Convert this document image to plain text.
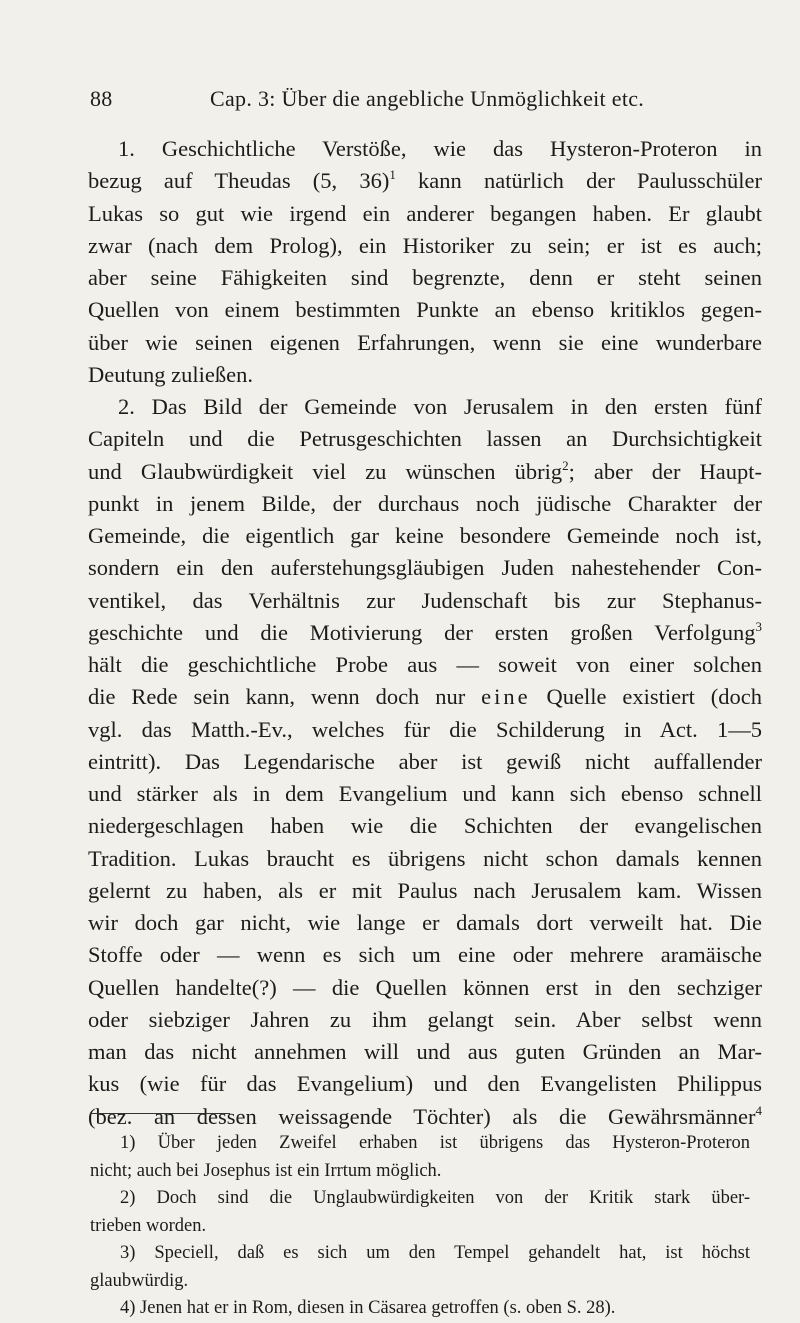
88	Cap. 3: Über die angebliche Unmöglichkeit etc.
1. Geschichtliche Verstöße, wie das Hysteron-Proteron in
bezug auf Theudas (5, 36)$^1$ kann natürlich der Paulusschüler
Lukas so gut wie irgend ein anderer begangen haben. Er glaubt
zwar (nach dem Prolog), ein Historiker zu sein; er ist es auch;
aber seine Fähigkeiten sind begrenzte, denn er steht seinen
Quellen von einem bestimmten Punkte an ebenso kritiklos gegen-
über wie seinen eigenen Erfahrungen, wenn sie eine wunderbare
Deutung zuließen.
2. Das Bild der Gemeinde von Jerusalem in den ersten fünf
Capiteln und die Petrusgeschichten lassen an Durchsichtigkeit
und Glaubwürdigkeit viel zu wünschen übrig$^2$; aber der Haupt-
punkt in jenem Bilde, der durchaus noch jüdische Charakter der
Gemeinde, die eigentlich gar keine besondere Gemeinde noch ist,
sondern ein den auferstehungsgläubigen Juden nahestehender Con-
ventikel, das Verhältnis zur Judenschaft bis zur Stephanus-
geschichte und die Motivierung der ersten großen Verfolgung$^3$
hält die geschichtliche Probe aus — soweit von einer solchen
die Rede sein kann, wenn doch nur eine Quelle existiert (doch
vgl. das Matth.-Ev., welches für die Schilderung in Act. 1—5
eintritt). Das Legendarische aber ist gewiß nicht auffallender
und stärker als in dem Evangelium und kann sich ebenso schnell
niedergeschlagen haben wie die Schichten der evangelischen
Tradition. Lukas braucht es übrigens nicht schon damals kennen
gelernt zu haben, als er mit Paulus nach Jerusalem kam. Wissen
wir doch gar nicht, wie lange er damals dort verweilt hat. Die
Stoffe oder — wenn es sich um eine oder mehrere aramäische
Quellen handelte(?) — die Quellen können erst in den sechziger
oder siebziger Jahren zu ihm gelangt sein. Aber selbst wenn
man das nicht annehmen will und aus guten Gründen an Mar-
kus (wie für das Evangelium) und den Evangelisten Philippus
(bez. an dessen weissagende Töchter) als die Gewährsmänner$^4$
1) Über jeden Zweifel erhaben ist übrigens das Hysteron-Proteron
nicht; auch bei Josephus ist ein Irrtum möglich.
2) Doch sind die Unglaubwürdigkeiten von der Kritik stark über-
trieben worden.
3) Speciell, daß es sich um den Tempel gehandelt hat, ist höchst
glaubwürdig.
4) Jenen hat er in Rom, diesen in Cäsarea getroffen (s. oben S. 28).
